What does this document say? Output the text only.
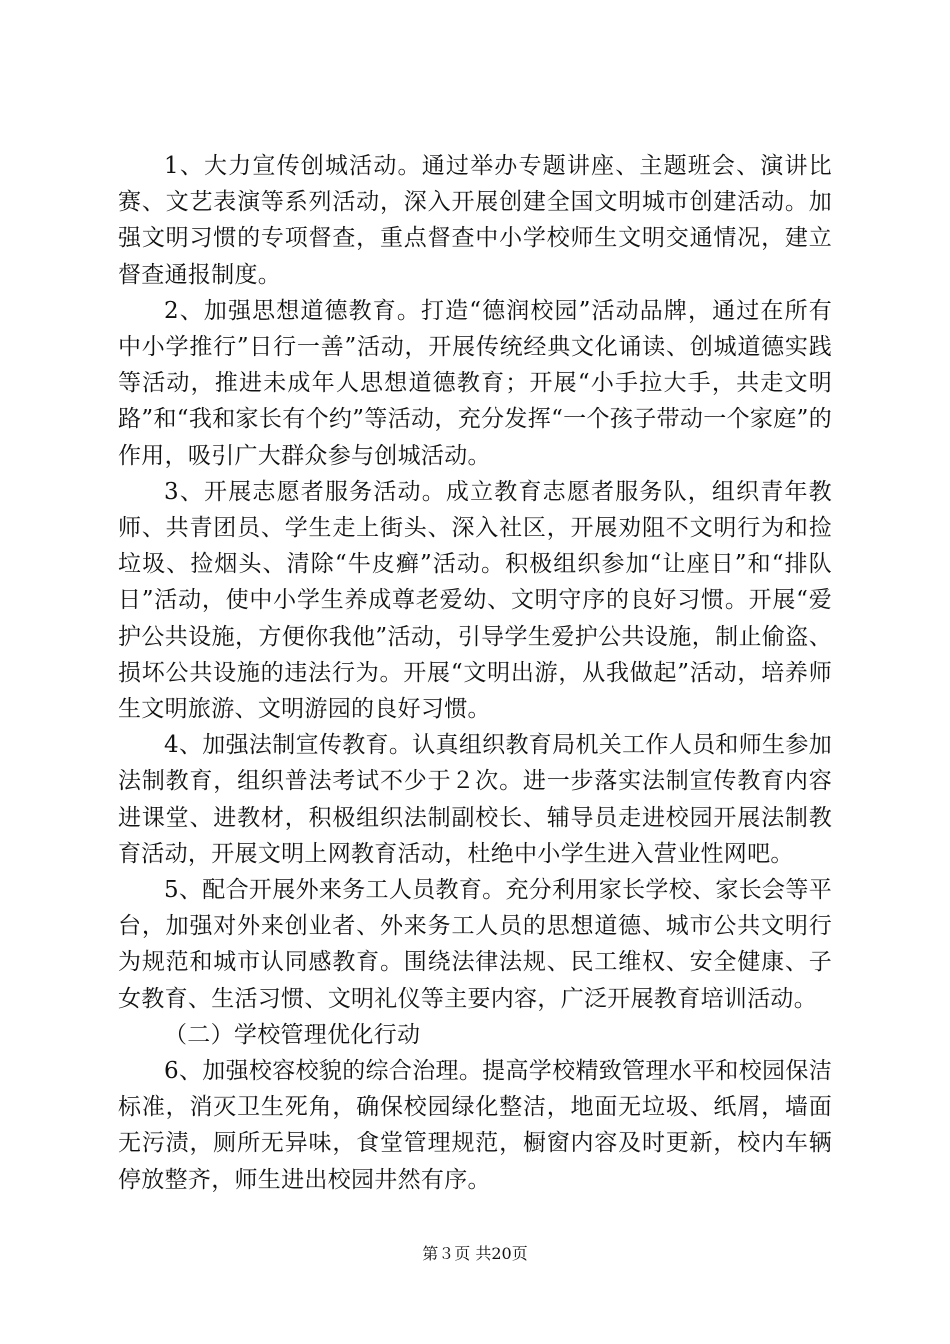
1、大力宣传创城活动。通过举办专题讲座、主题班会、演讲比赛、文艺表演等系列活动，深入开展创建全国文明城市创建活动。加强文明习惯的专项督查，重点督查中小学校师生文明交通情况，建立督查通报制度。

2、加强思想道德教育。打造“德润校园”活动品牌，通过在所有中小学推行”日行一善”活动，开展传统经典文化诵读、创城道德实践等活动，推进未成年人思想道德教育；开展“小手拉大手，共走文明路”和“我和家长有个约”等活动，充分发挥“一个孩子带动一个家庭”的作用，吸引广大群众参与创城活动。

3、开展志愿者服务活动。成立教育志愿者服务队，组织青年教师、共青团员、学生走上街头、深入社区，开展劝阻不文明行为和捡垃圾、捡烟头、清除“牛皮癣”活动。积极组织参加“让座日”和“排队日”活动，使中小学生养成尊老爱幼、文明守序的良好习惯。开展“爱护公共设施，方便你我他”活动，引导学生爱护公共设施，制止偷盗、损坏公共设施的违法行为。开展“文明出游，从我做起”活动，培养师生文明旅游、文明游园的良好习惯。

4、加强法制宣传教育。认真组织教育局机关工作人员和师生参加法制教育，组织普法考试不少于２次。进一步落实法制宣传教育内容进课堂、进教材，积极组织法制副校长、辅导员走进校园开展法制教育活动，开展文明上网教育活动，杜绝中小学生进入营业性网吧。

5、配合开展外来务工人员教育。充分利用家长学校、家长会等平台，加强对外来创业者、外来务工人员的思想道德、城市公共文明行为规范和城市认同感教育。围绕法律法规、民工维权、安全健康、子女教育、生活习惯、文明礼仪等主要内容，广泛开展教育培训活动。

（二）学校管理优化行动

6、加强校容校貌的综合治理。提高学校精致管理水平和校园保洁标准，消灭卫生死角，确保校园绿化整洁，地面无垃圾、纸屑，墙面无污渍，厕所无异味，食堂管理规范，橱窗内容及时更新，校内车辆停放整齐，师生进出校园井然有序。

第３页 共20页
